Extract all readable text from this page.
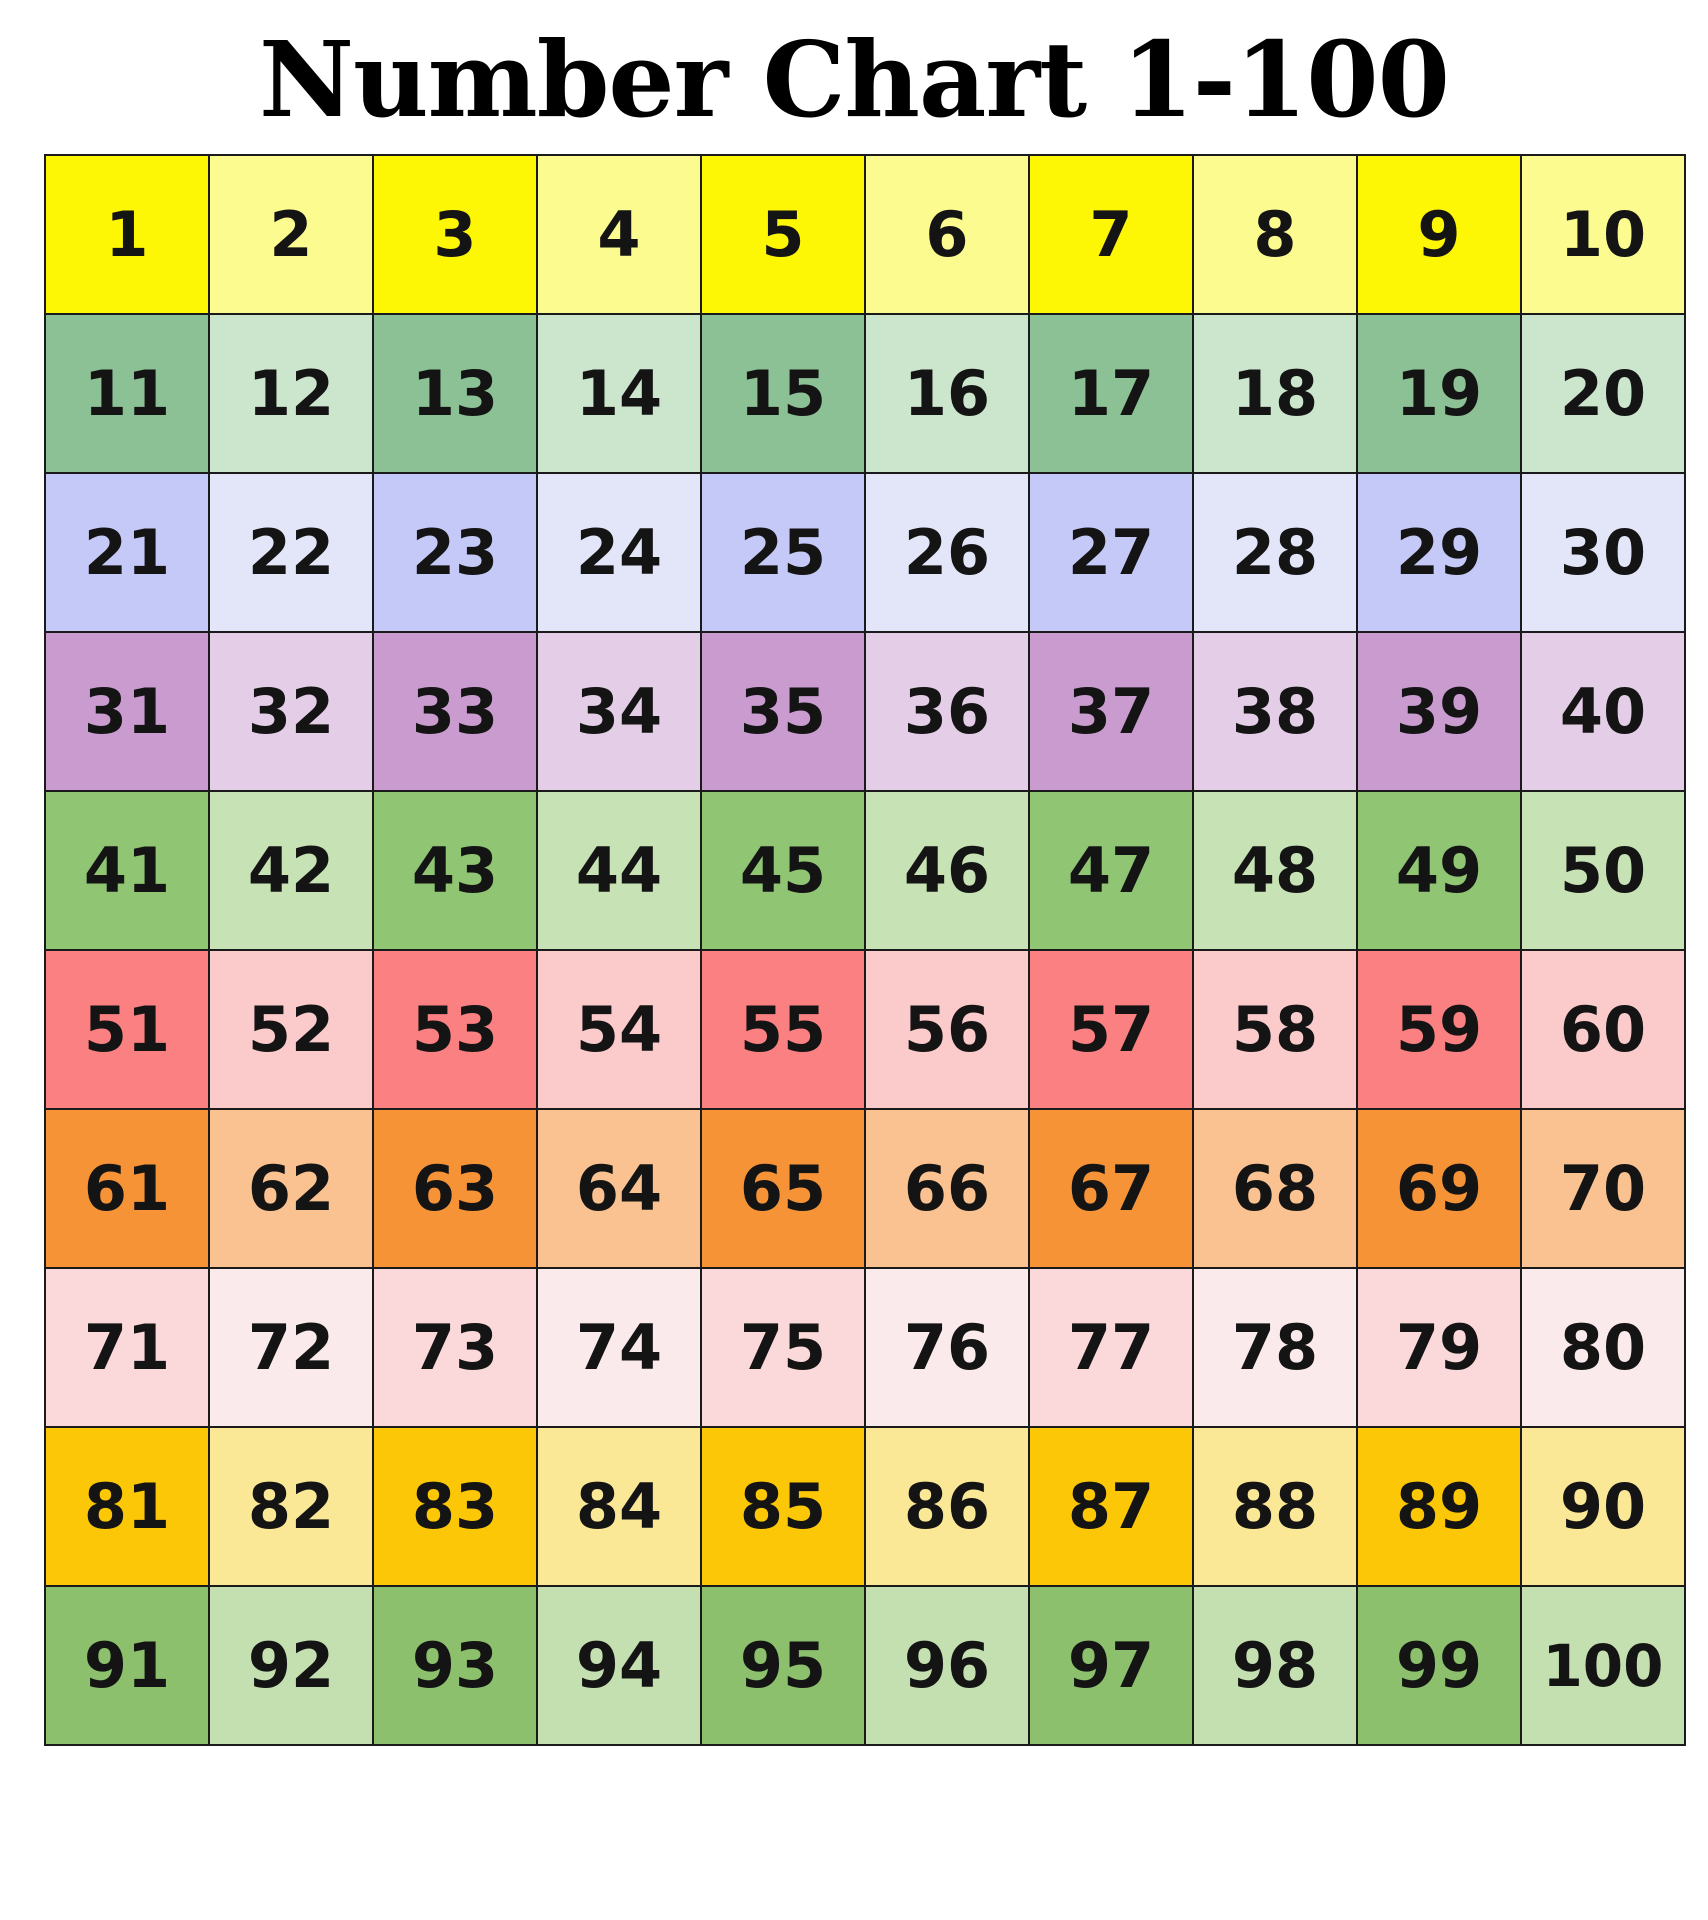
Number Chart 1-100
1	2	3	4	5	6	7	8	9	10
11	12	13	14	15	16	17	18	19	20
21	22	23	24	25	26	27	28	29	30
31	32	33	34	35	36	37	38	39	40
41	42	43	44	45	46	47	48	49	50
51	52	53	54	55	56	57	58	59	60
61	62	63	64	65	66	67	68	69	70
71	72	73	74	75	76	77	78	79	80
81	82	83	84	85	86	87	88	89	90
91	92	93	94	95	96	97	98	99	100
